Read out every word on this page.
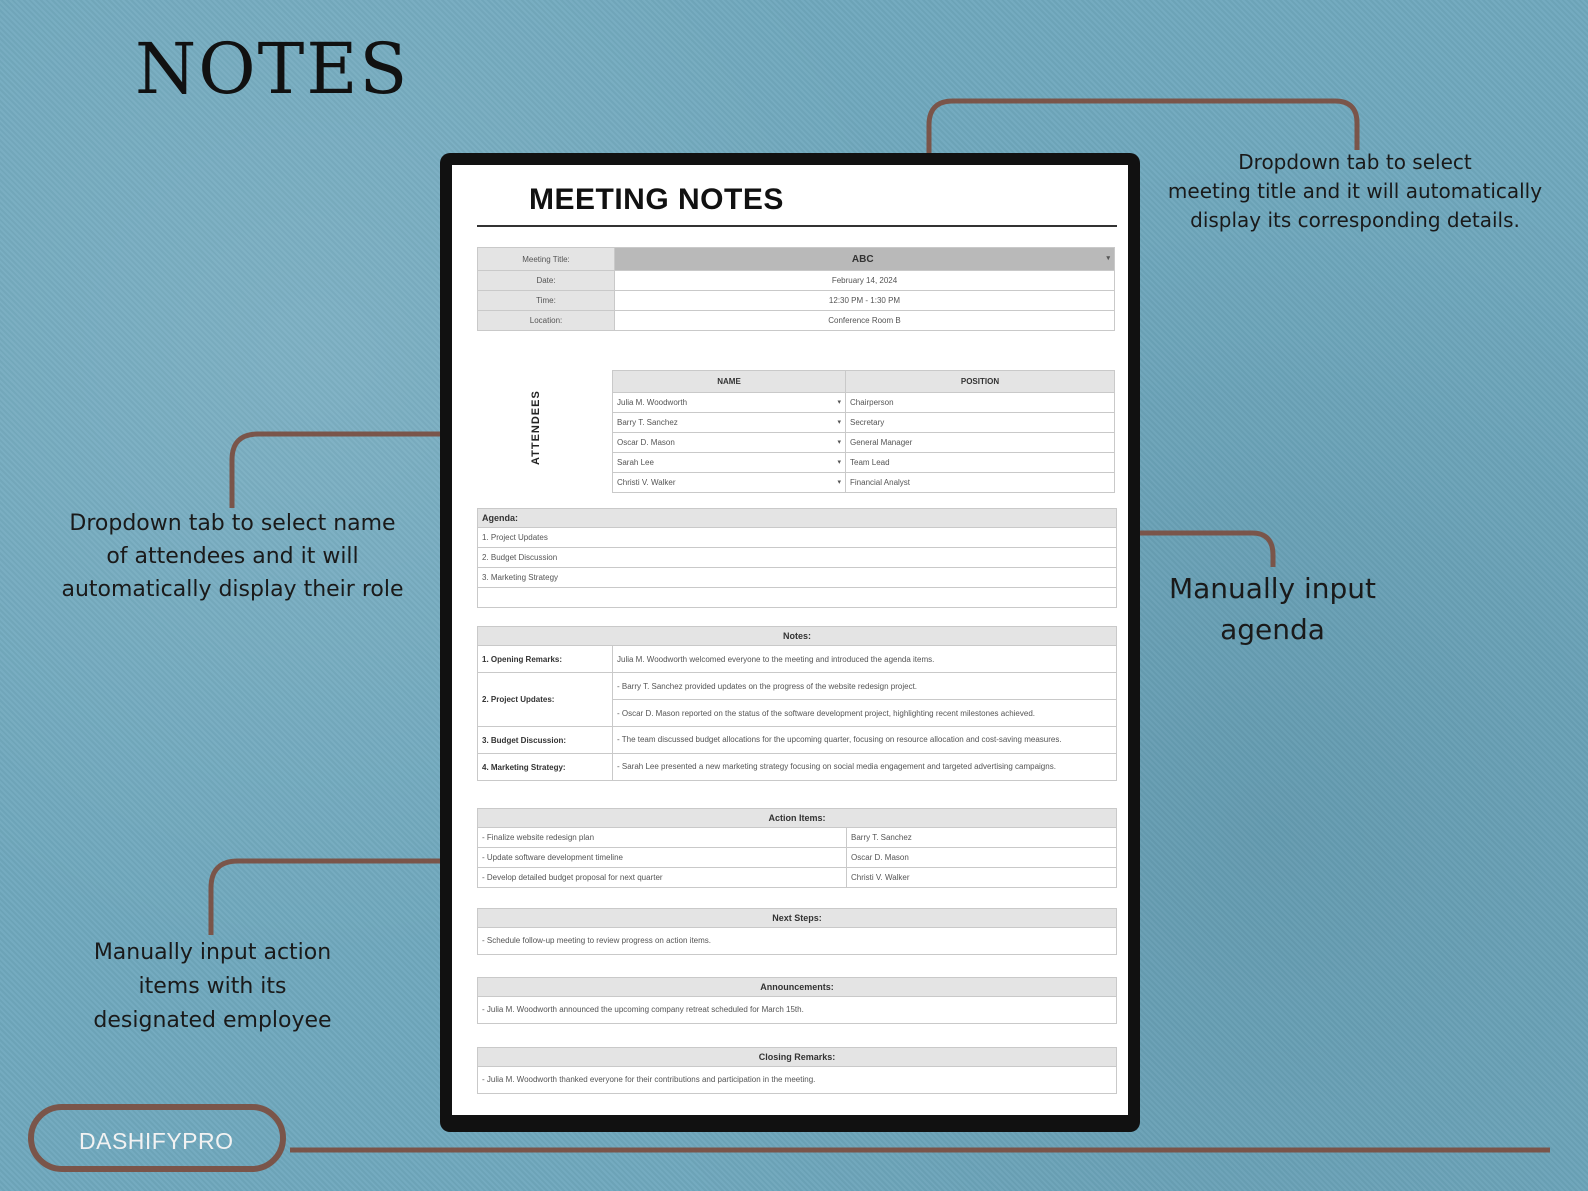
NOTES
MEETING NOTES
Meeting Title:	ABC ▾

Date:	February 14, 2024
Time:	12:30 PM - 1:30 PM
Location:	Conference Room B
ATTENDEES
NAME	POSITION
Julia M. Woodworth ▾	Chairperson
Barry T. Sanchez ▾	Secretary
Oscar D. Mason ▾	General Manager
Sarah Lee ▾	Team Lead
Christi V. Walker ▾	Financial Analyst
Agenda:
1. Project Updates
2. Budget Discussion
3. Marketing Strategy
Notes:
1. Opening Remarks:	Julia M. Woodworth welcomed everyone to the meeting and introduced the agenda items.
2. Project Updates:	- Barry T. Sanchez provided updates on the progress of the website redesign project.
	- Oscar D. Mason reported on the status of the software development project, highlighting recent milestones achieved.
3. Budget Discussion:	- The team discussed budget allocations for the upcoming quarter, focusing on resource allocation and cost-saving measures.
4. Marketing Strategy:	- Sarah Lee presented a new marketing strategy focusing on social media engagement and targeted advertising campaigns.
Action Items:
- Finalize website redesign plan	Barry T. Sanchez
- Update software development timeline	Oscar D. Mason
- Develop detailed budget proposal for next quarter	Christi V. Walker
Next Steps:
- Schedule follow-up meeting to review progress on action items.
Announcements:
- Julia M. Woodworth announced the upcoming company retreat scheduled for March 15th.
Closing Remarks:
- Julia M. Woodworth thanked everyone for their contributions and participation in the meeting.
Dropdown tab to select
meeting title and it will automatically
display its corresponding details.
Dropdown tab to select name
of attendees and it will
automatically display their role	Manually input
agenda
Manually input action
items with its
designated employee
DASHIFYPRO
